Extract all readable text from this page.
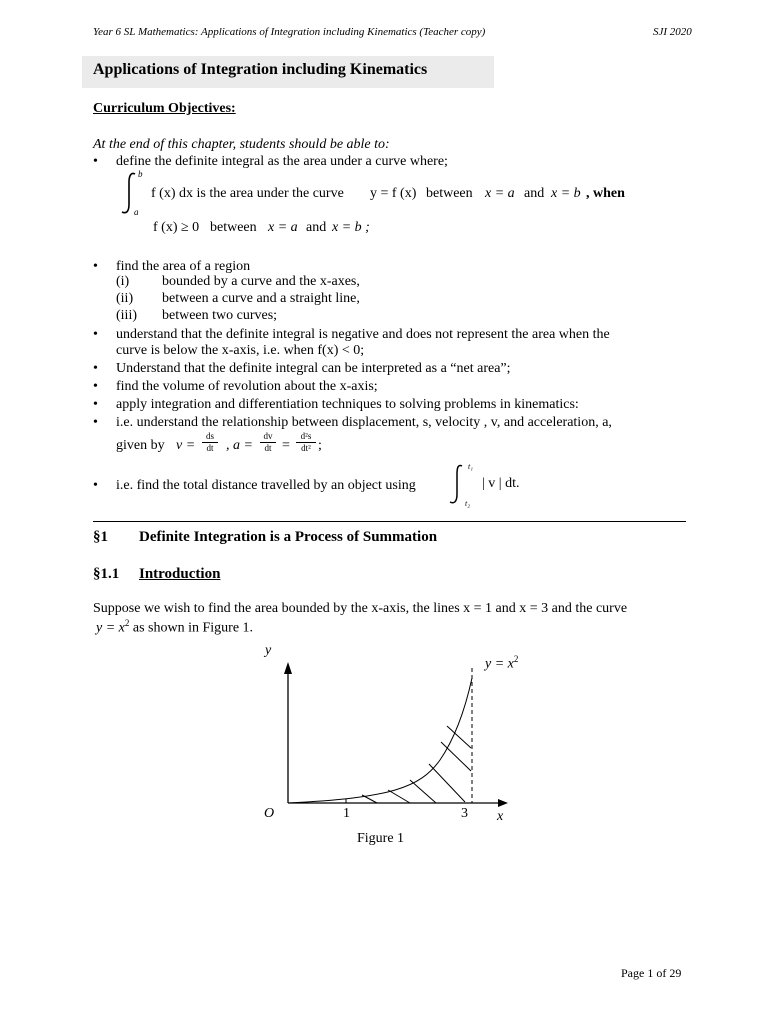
Year 6 SL Mathematics: Applications of Integration including Kinematics (Teacher copy)	SJI 2020
Applications of Integration including Kinematics
Curriculum Objectives:
At the end of this chapter, students should be able to:
• define the definite integral as the area under a curve where;
b
a
f (x) dx is the area under the curve y = f (x) between x = a and x = b , when
f (x) ≥ 0 between x = a and x = b ;
• find the area of a region
(i) bounded by a curve and the x-axes,
(ii) between a curve and a straight line,
(iii) between two curves;
• understand that the definite integral is negative and does not represent the area when the
curve is below the x-axis, i.e. when f(x) < 0;
• Understand that the definite integral can be interpreted as a “net area”;
• find the volume of revolution about the x-axis;
• apply integration and differentiation techniques to solving problems in kinematics:
• i.e. understand the relationship between displacement, s, velocity , v, and acceleration, a,
given by v =
ds
dt , a =
dv
dt =
d²s
dt² ;
• i.e. find the total distance travelled by an object using
t₁
t₂
| v | dt.
§1 Definite Integration is a Process of Summation
§1.1 Introduction
Suppose we wish to find the area bounded by the x-axis, the lines x = 1 and x = 3 and the curve
$y = x^2$ as shown in Figure 1.
y
x
O	1	3
$y = x^2$
Figure 1
Page 1 of 29
